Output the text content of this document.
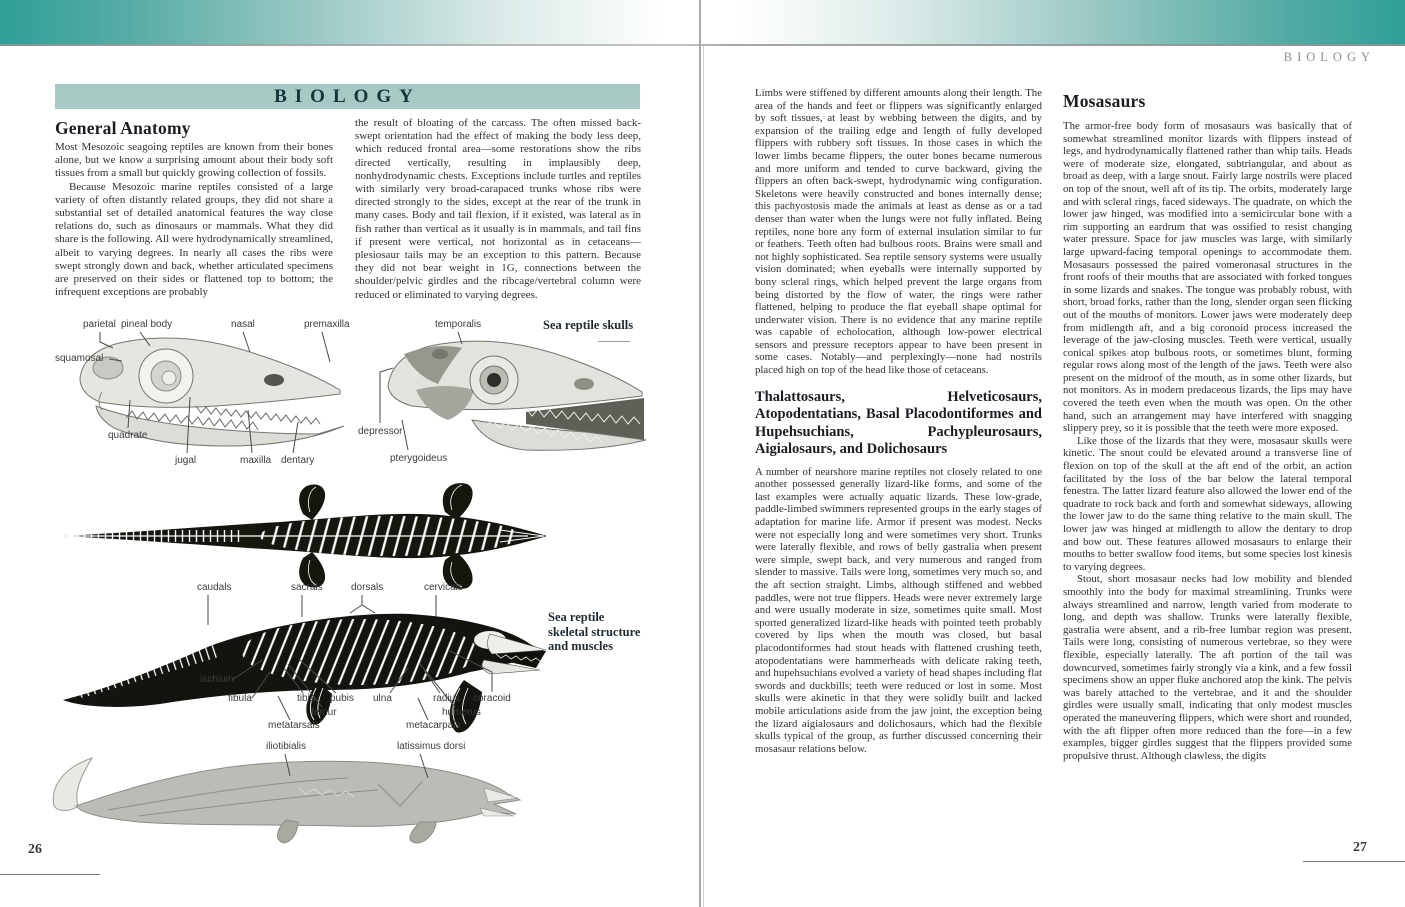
BIOLOGY
General Anatomy

Most Mesozoic seagoing reptiles are known from their bones alone, but we know a surprising amount about their body soft tissues from a small but quickly growing collection of fossils.

Because Mesozoic marine reptiles consisted of a large variety of often distantly related groups, they did not share a substantial set of detailed anatomical features the way close relations do, such as dinosaurs or mammals. What they did share is the following. All were hydrodynamically streamlined, albeit to varying degrees. In nearly all cases the ribs were swept strongly down and back, whether articulated specimens are preserved on their sides or flattened top to bottom; the infrequent exceptions are probably

the result of bloating of the carcass. The often missed back-swept orientation had the effect of making the body less deep, which reduced frontal area—some restorations show the ribs directed vertically, resulting in implausibly deep, nonhydrodynamic chests. Exceptions include turtles and reptiles with similarly very broad-carapaced trunks whose ribs were directed strongly to the sides, except at the rear of the trunk in many cases. Body and tail flexion, if it existed, was lateral as in fish rather than vertical as it usually is in mammals, and tail fins if present were vertical, not horizontal as in cetaceans—plesiosaur tails may be an exception to this pattern. Because they did not bear weight in 1G, connections between the shoulder/pelvic girdles and the ribcage/vertebral column were reduced or eliminated to varying degrees.

parietal pineal body	nasal	premaxilla
squamosal
quadrate
jugal	maxilla dentary
temporalis
depressor
pterygoideus
Sea reptile skulls
caudals	sacrals	dorsals	cervicals
ischium
fibula	tibia pubis
femur
metatarsals
ulna	radius coracoid
humerus
metacarpals
iliotibialis	latissimus dorsi
Sea reptile skeletal structure and muscles
26
BIOLOGY

Limbs were stiffened by different amounts along their length. The area of the hands and feet or flippers was significantly enlarged by soft tissues, at least by webbing between the digits, and by expansion of the trailing edge and length of fully developed flippers with rubbery soft tissues. In those cases in which the lower limbs became flippers, the outer bones became numerous and more uniform and tended to curve backward, giving the flippers an often back-swept, hydrodynamic wing configuration. Skeletons were heavily constructed and bones internally dense; this pachyostosis made the animals at least as dense as or a tad denser than water when the lungs were not fully inflated. Being reptiles, none bore any form of external insulation similar to fur or feathers. Teeth often had bulbous roots. Brains were small and not highly sophisticated. Sea reptile sensory systems were usually vision dominated; when eyeballs were internally supported by bony scleral rings, which helped prevent the large organs from being distorted by the flow of water, the rings were rather flattened, helping to produce the flat eyeball shape optimal for underwater vision. There is no evidence that any marine reptile was capable of echolocation, although low-power electrical sensors and pressure receptors appear to have been present in some cases. Notably—and perplexingly—none had nostrils placed high on top of the head like those of cetaceans.

Thalattosaurs, Helveticosaurs, Atopodentatians, Basal Placodontiformes and Hupehsuchians, Pachypleurosaurs, Aigialosaurs, and Dolichosaurs

A number of nearshore marine reptiles not closely related to one another possessed generally lizard-like forms, and some of the last examples were actually aquatic lizards. These low-grade, paddle-limbed swimmers represented groups in the early stages of adaptation for marine life. Armor if present was modest. Necks were not especially long and were sometimes very short. Trunks were laterally flexible, and rows of belly gastralia when present were simple, swept back, and very numerous and ranged from slender to massive. Tails were long, sometimes very much so, and the aft section straight. Limbs, although stiffened and webbed paddles, were not true flippers. Heads were never extremely large and were usually moderate in size, sometimes quite small. Most sported generalized lizard-like heads with pointed teeth probably covered by lips when the mouth was closed, but basal placodontiformes had stout heads with flattened crushing teeth, atopodentatians were hammerheads with delicate raking teeth, and hupehsuchians evolved a variety of head shapes including flat swords and duckbills; teeth were reduced or lost in some. Most skulls were akinetic in that they were solidly built and lacked mobile articulations aside from the jaw joint, the exception being the lizard aigialosaurs and dolichosaurs, which had the flexible skulls typical of the group, as further discussed concerning their mosasaur relations below.

Mosasaurs

The armor-free body form of mosasaurs was basically that of somewhat streamlined monitor lizards with flippers instead of legs, and hydrodynamically flattened rather than whip tails. Heads were of moderate size, elongated, subtriangular, and about as broad as deep, with a large snout. Fairly large nostrils were placed on top of the snout, well aft of its tip. The orbits, moderately large and with scleral rings, faced sideways. The quadrate, on which the lower jaw hinged, was modified into a semicircular bone with a rim supporting an eardrum that was ossified to resist changing water pressure. Space for jaw muscles was large, with similarly large upward-facing temporal openings to accommodate them. Mosasaurs possessed the paired vomeronasal structures in the front roofs of their mouths that are associated with forked tongues in some lizards and snakes. The tongue was probably robust, with short, broad forks, rather than the long, slender organ seen flicking out of the mouths of monitors. Lower jaws were moderately deep from midlength aft, and a big coronoid process increased the leverage of the jaw-closing muscles. Teeth were vertical, usually conical spikes atop bulbous roots, or sometimes blunt, forming regular rows along most of the length of the jaws. Teeth were also present on the midroof of the mouth, as in some other lizards, but not monitors. As in modern predaceous lizards, the lips may have covered the teeth even when the mouth was open. On the other hand, such an arrangement may have interfered with snagging slippery prey, so it is possible that the teeth were more exposed.

Like those of the lizards that they were, mosasaur skulls were kinetic. The snout could be elevated around a transverse line of flexion on top of the skull at the aft end of the orbit, an action facilitated by the loss of the bar below the lateral temporal fenestra. The latter lizard feature also allowed the lower end of the quadrate to rock back and forth and somewhat sideways, allowing the lower jaw to do the same thing relative to the main skull. The lower jaw was hinged at midlength to allow the dentary to drop and bow out. These features allowed mosasaurs to enlarge their mouths to better swallow food items, but some species lost kinesis to varying degrees.

Stout, short mosasaur necks had low mobility and blended smoothly into the body for maximal streamlining. Trunks were always streamlined and narrow, length varied from moderate to long, and depth was shallow. Trunks were laterally flexible, gastralia were absent, and a rib-free lumbar region was present. Tails were long, consisting of numerous vertebrae, so they were flexible, especially laterally. The aft portion of the tail was downcurved, sometimes fairly strongly via a kink, and a few fossil specimens show an upper fluke anchored atop the kink. The pelvis was barely attached to the vertebrae, and it and the shoulder girdles were usually small, indicating that only modest muscles operated the maneuvering flippers, which were short and rounded, with the aft flipper often more reduced than the fore—in a few examples, bigger girdles suggest that the flippers provided some propulsive thrust. Although clawless, the digits

27
